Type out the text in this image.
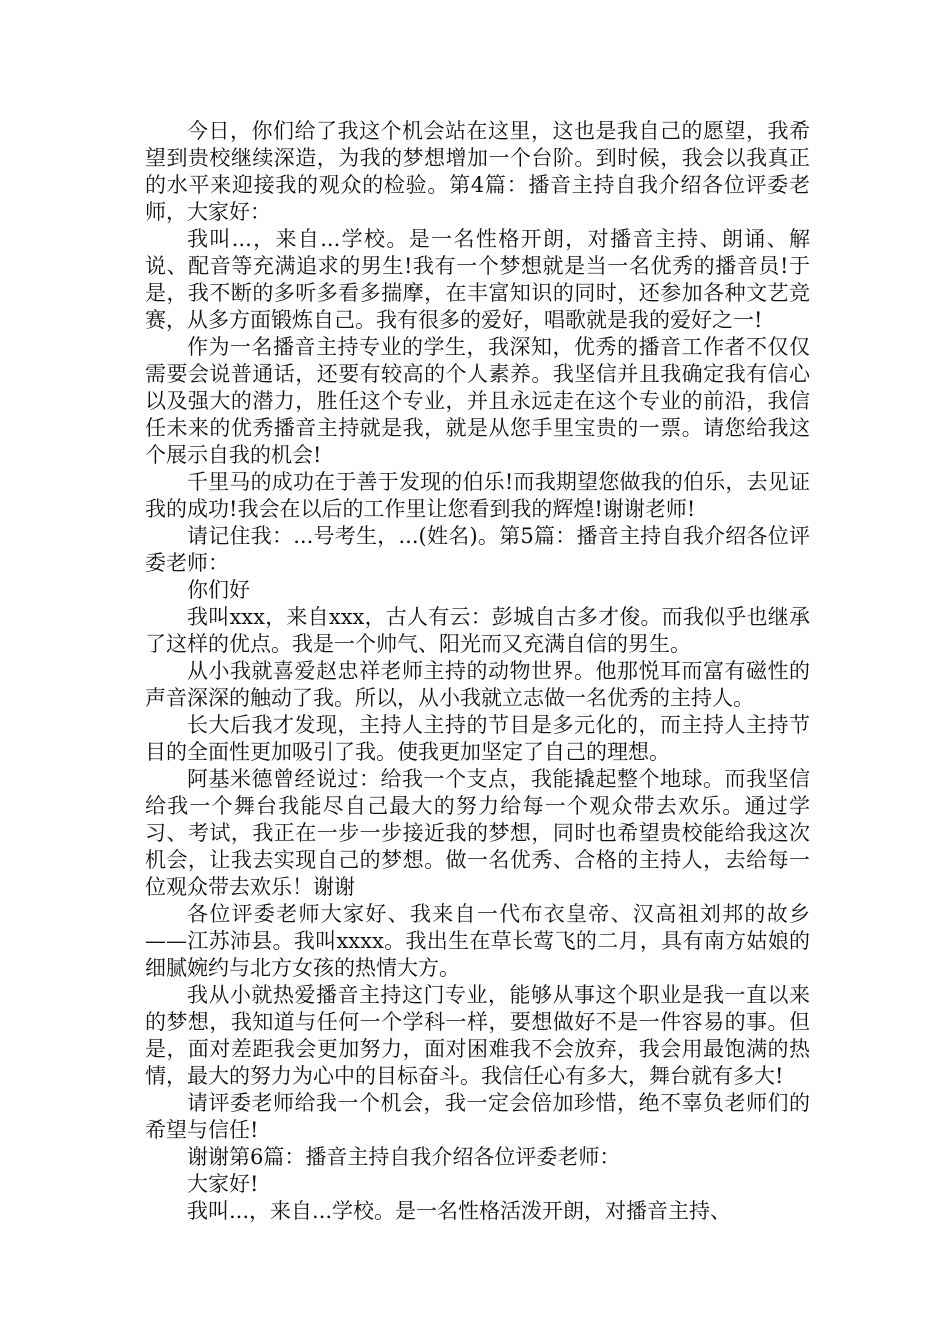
今日，你们给了我这个机会站在这里，这也是我自己的愿望，我希望到贵校继续深造，为我的梦想增加一个台阶。到时候，我会以我真正的水平来迎接我的观众的检验。第4篇：播音主持自我介绍各位评委老师，大家好：

我叫...，来自...学校。是一名性格开朗，对播音主持、朗诵、解说、配音等充满追求的男生!我有一个梦想就是当一名优秀的播音员!于是，我不断的多听多看多揣摩，在丰富知识的同时，还参加各种文艺竞赛，从多方面锻炼自己。我有很多的爱好，唱歌就是我的爱好之一!

作为一名播音主持专业的学生，我深知，优秀的播音工作者不仅仅需要会说普通话，还要有较高的个人素养。我坚信并且我确定我有信心以及强大的潜力，胜任这个专业，并且永远走在这个专业的前沿，我信任未来的优秀播音主持就是我，就是从您手里宝贵的一票。请您给我这个展示自我的机会!

千里马的成功在于善于发现的伯乐!而我期望您做我的伯乐，去见证我的成功!我会在以后的工作里让您看到我的辉煌!谢谢老师!

请记住我：...号考生，...(姓名)。第5篇：播音主持自我介绍各位评委老师：

你们好

我叫xxx，来自xxx，古人有云：彭城自古多才俊。而我似乎也继承了这样的优点。我是一个帅气、阳光而又充满自信的男生。

从小我就喜爱赵忠祥老师主持的动物世界。他那悦耳而富有磁性的声音深深的触动了我。所以，从小我就立志做一名优秀的主持人。

长大后我才发现，主持人主持的节目是多元化的，而主持人主持节目的全面性更加吸引了我。使我更加坚定了自己的理想。

阿基米德曾经说过：给我一个支点，我能撬起整个地球。而我坚信给我一个舞台我能尽自己最大的努力给每一个观众带去欢乐。通过学习、考试，我正在一步一步接近我的梦想，同时也希望贵校能给我这次机会，让我去实现自己的梦想。做一名优秀、合格的主持人，去给每一位观众带去欢乐！谢谢

各位评委老师大家好、我来自一代布衣皇帝、汉高祖刘邦的故乡——江苏沛县。我叫xxxx。我出生在草长莺飞的二月，具有南方姑娘的细腻婉约与北方女孩的热情大方。

我从小就热爱播音主持这门专业，能够从事这个职业是我一直以来的梦想，我知道与任何一个学科一样，要想做好不是一件容易的事。但是，面对差距我会更加努力，面对困难我不会放弃，我会用最饱满的热情，最大的努力为心中的目标奋斗。我信任心有多大，舞台就有多大!

请评委老师给我一个机会，我一定会倍加珍惜，绝不辜负老师们的希望与信任!

谢谢第6篇：播音主持自我介绍各位评委老师：

大家好!

我叫...，来自...学校。是一名性格活泼开朗，对播音主持、
